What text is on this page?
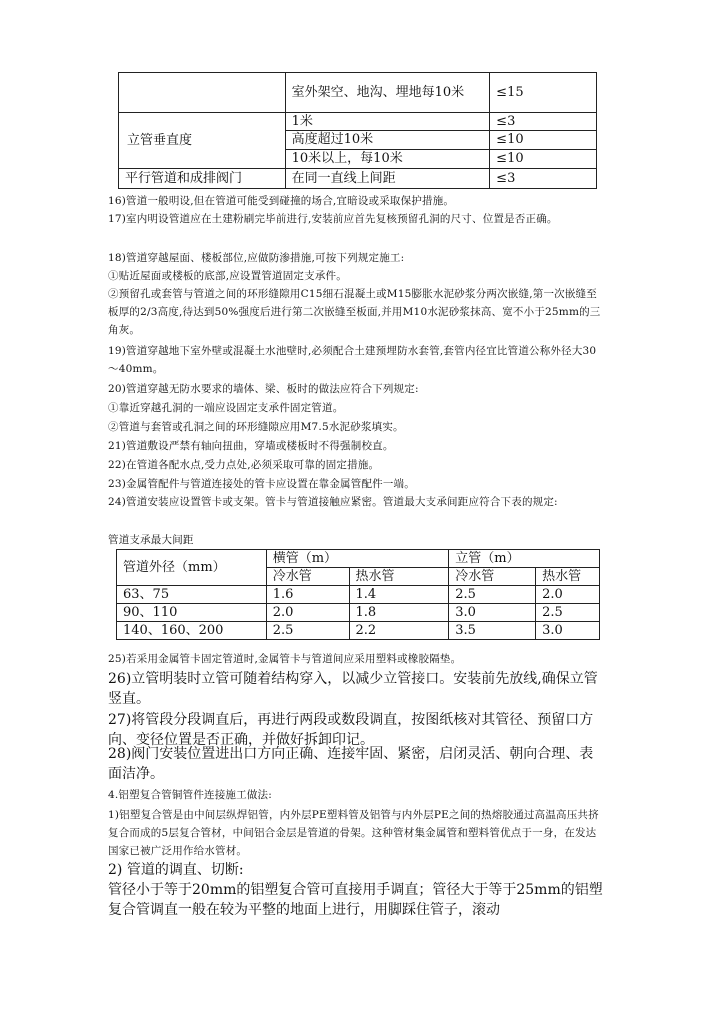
	室外架空、地沟、埋地每10米	≤15
立管垂直度	1米	≤3
	高度超过10米	≤10
	10米以上，每10米	≤10
平行管道和成排阀门	在同一直线上间距	≤3
16)管道一般明设,但在管道可能受到碰撞的场合,宜暗设或采取保护措施。
17)室内明设管道应在土建粉刷完毕前进行,安装前应首先复核预留孔洞的尺寸、位置是否正确。
18)管道穿越屋面、楼板部位,应做防渗措施,可按下列规定施工:
①贴近屋面或楼板的底部,应设置管道固定支承件。
②预留孔或套管与管道之间的环形缝隙用C15细石混凝土或M15膨胀水泥砂浆分两次嵌缝,第一次嵌缝至板厚的2/3高度,待达到50%强度后进行第二次嵌缝至板面,并用M10水泥砂浆抹高、宽不小于25mm的三角灰。
19)管道穿越地下室外壁或混凝土水池壁时,必须配合土建预埋防水套管,套管内径宜比管道公称外径大30～40mm。
20)管道穿越无防水要求的墙体、梁、板时的做法应符合下列规定:
①靠近穿越孔洞的一端应设固定支承件固定管道。
②管道与套管或孔洞之间的环形缝隙应用M7.5水泥砂浆填实。
21)管道敷设严禁有轴向扭曲，穿墙或楼板时不得强制校直。
22)在管道各配水点,受力点处,必须采取可靠的固定措施。
23)金属管配件与管道连接处的管卡应设置在靠金属管配件一端。
24)管道安装应设置管卡或支架。管卡与管道接触应紧密。管道最大支承间距应符合下表的规定:
管道支承最大间距
管道外径（mm）	横管（m）		立管（m）	
	冷水管	热水管	冷水管	热水管
63、75	1.6	1.4	2.5	2.0
90、110	2.0	1.8	3.0	2.5
140、160、200	2.5	2.2	3.5	3.0
25)若采用金属管卡固定管道时,金属管卡与管道间应采用塑料或橡胶隔垫。
26)立管明装时立管可随着结构穿入，以减少立管接口。安装前先放线,确保立管竖直。
27)将管段分段调直后，再进行两段或数段调直，按图纸核对其管径、预留口方向、变径位置是否正确，并做好拆卸印记。
28)阀门安装位置进出口方向正确、连接牢固、紧密，启闭灵活、朝向合理、表面洁净。
4.铝塑复合管铜管件连接施工做法:
1)铝塑复合管是由中间层纵焊铝管，内外层PE塑料管及铝管与内外层PE之间的热熔胶通过高温高压共挤复合而成的5层复合管材，中间铝合金层是管道的骨架。这种管材集金属管和塑料管优点于一身，在发达国家已被广泛用作给水管材。
2) 管道的调直、切断:
管径小于等于20mm的铝塑复合管可直接用手调直；管径大于等于25mm的铝塑复合管调直一般在较为平整的地面上进行，用脚踩住管子，滚动
